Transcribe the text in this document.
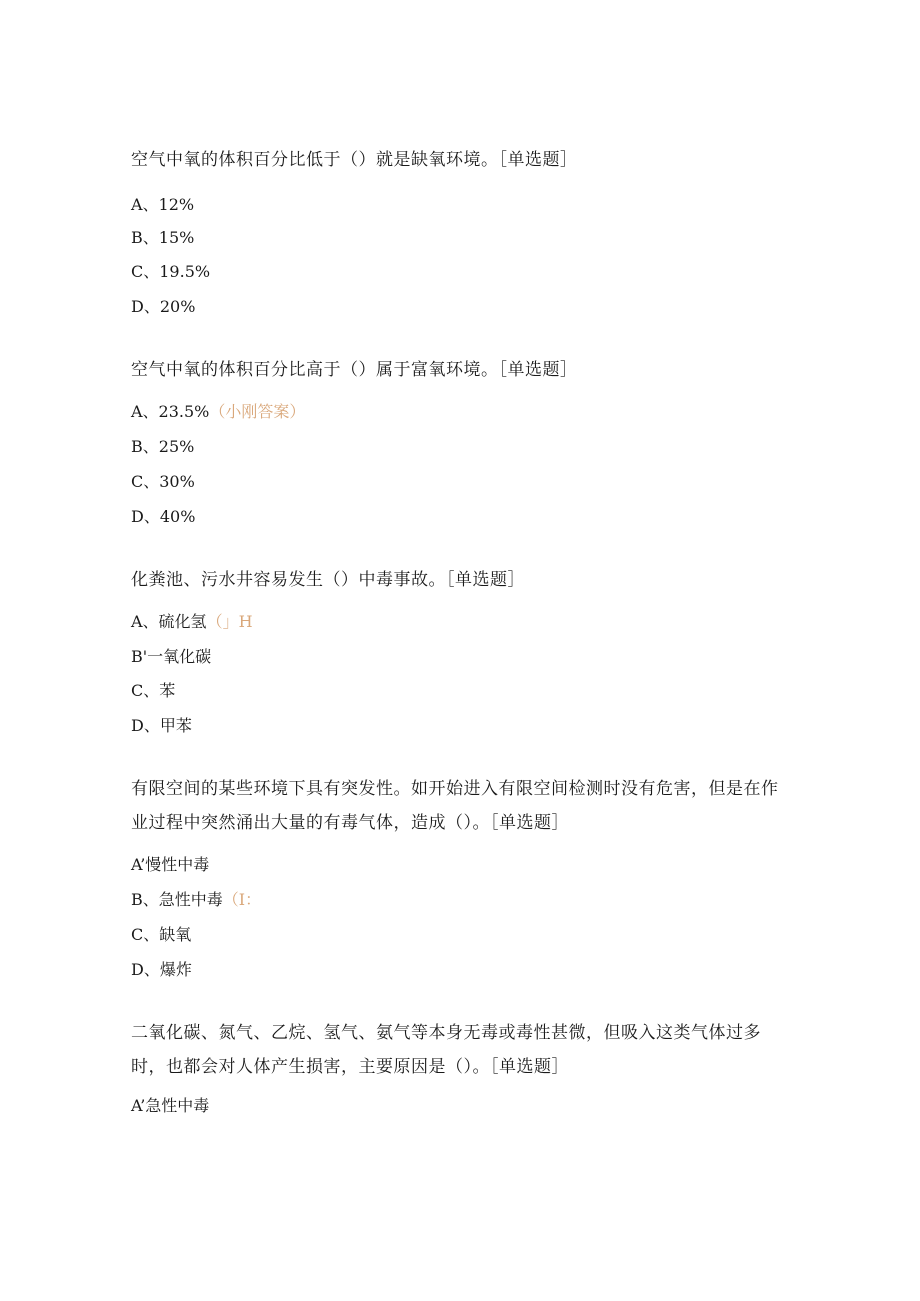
空气中氧的体积百分比低于（）就是缺氧环境。［单选题］

A、12%

B、15%

C、19.5%

D、20%

空气中氧的体积百分比高于（）属于富氧环境。［单选题］

A、23.5%（小刚答案）

B、25%

C、30%

D、40%

化粪池、污水井容易发生（）中毒事故。［单选题］

A、硫化氢（」H

B'一氧化碳

C、苯

D、甲苯

有限空间的某些环境下具有突发性。如开始进入有限空间检测时没有危害，但是在作业过程中突然涌出大量的有毒气体，造成（）。［单选题］

A’慢性中毒

B、急性中毒（I：

C、缺氧

D、爆炸

二氧化碳、氮气、乙烷、氢气、氨气等本身无毒或毒性甚微，但吸入这类气体过多时，也都会对人体产生损害，主要原因是（）。［单选题］

A’急性中毒
